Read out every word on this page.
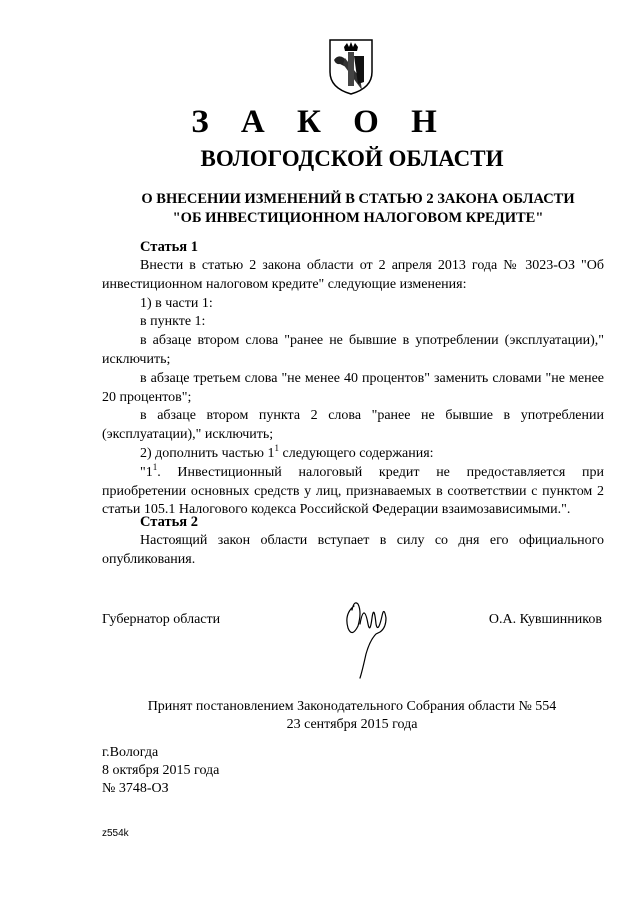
З А К О Н
ВОЛОГОДСКОЙ ОБЛАСТИ
О ВНЕСЕНИИ ИЗМЕНЕНИЙ В СТАТЬЮ 2 ЗАКОНА ОБЛАСТИ
"ОБ ИНВЕСТИЦИОННОМ НАЛОГОВОМ КРЕДИТЕ"

Статья 1

Внести в статью 2 закона области от 2 апреля 2013 года № 3023-ОЗ "Об инвестиционном налоговом кредите" следующие изменения:

1) в части 1:

в пункте 1:

в абзаце втором слова "ранее не бывшие в употреблении (эксплуатации)," исключить;

в абзаце третьем слова "не менее 40 процентов" заменить словами "не менее 20 процентов";

в абзаце втором пункта 2 слова "ранее не бывшие в употреблении (эксплуатации)," исключить;

2) дополнить частью $1^1$ следующего содержания:

"$1^1$. Инвестиционный налоговый кредит не предоставляется при приобретении основных средств у лиц, признаваемых в соответствии с пунктом 2 статьи 105.1 Налогового кодекса Российской Федерации взаимозависимыми.".

Статья 2

Настоящий закон области вступает в силу со дня его официального опубликования.

Губернатор области	О.А. Кувшинников
Принят постановлением Законодательного Собрания области № 554
23 сентября 2015 года
г.Вологда
8 октября 2015 года
№ 3748-ОЗ
z554k
